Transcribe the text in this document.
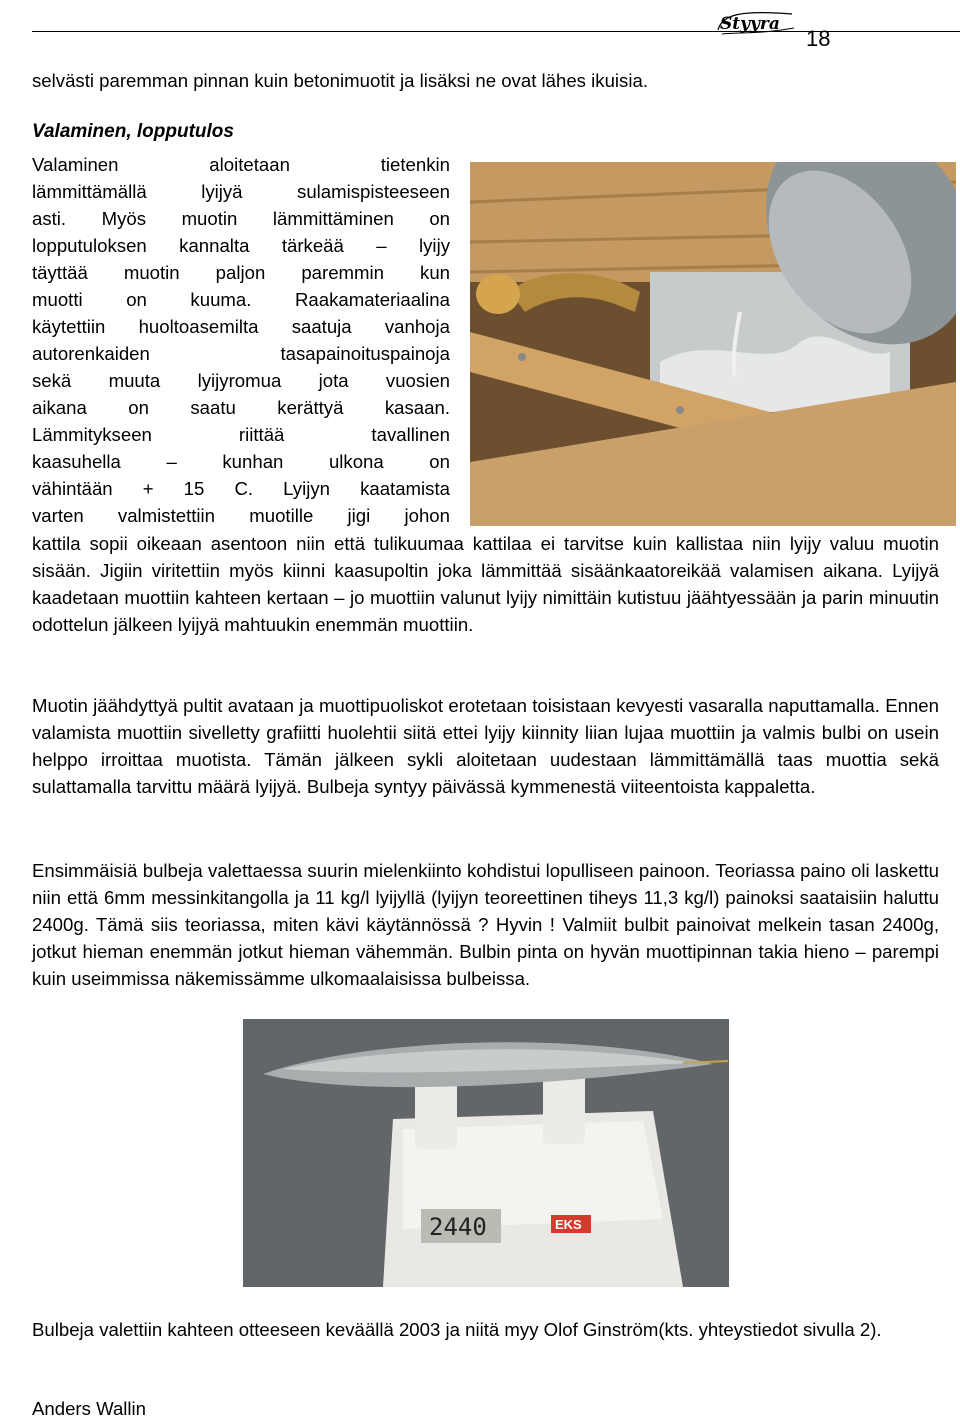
Styyra
18

selvästi paremman pinnan kuin betonimuotit ja lisäksi ne ovat lähes ikuisia.

Valaminen, lopputulos
Valaminen aloitetaan tietenkin
lämmittämällä lyijyä sulamispisteeseen
asti. Myös muotin lämmittäminen on
lopputuloksen kannalta tärkeää – lyijy
täyttää muotin paljon paremmin kun
muotti on kuuma. Raakamateriaalina
käytettiin huoltoasemilta saatuja vanhoja
autorenkaiden tasapainoituspainoja
sekä muuta lyijyromua jota vuosien
aikana on saatu kerättyä kasaan.
Lämmitykseen riittää tavallinen
kaasuhella – kunhan ulkona on
vähintään + 15 C. Lyijyn kaatamista
varten valmistettiin muotille jigi johon

kattila sopii oikeaan asentoon niin että tulikuumaa kattilaa ei tarvitse kuin kallistaa niin lyijy valuu muotin sisään. Jigiin viritettiin myös kiinni kaasupoltin joka lämmittää sisäänkaatoreikää valamisen aikana. Lyijyä kaadetaan muottiin kahteen kertaan – jo muottiin valunut lyijy nimittäin kutistuu jäähtyessään ja parin minuutin odottelun jälkeen lyijyä mahtuukin enemmän muottiin.

Muotin jäähdyttyä pultit avataan ja muottipuoliskot erotetaan toisistaan kevyesti vasaralla naputtamalla. Ennen valamista muottiin sivelletty grafiitti huolehtii siitä ettei lyijy kiinnity liian lujaa muottiin ja valmis bulbi on usein helppo irroittaa muotista. Tämän jälkeen sykli aloitetaan uudestaan lämmittämällä taas muottia sekä sulattamalla tarvittu määrä lyijyä. Bulbeja syntyy päivässä kymmenestä viiteentoista kappaletta.

Ensimmäisiä bulbeja valettaessa suurin mielenkiinto kohdistui lopulliseen painoon. Teoriassa paino oli laskettu niin että 6mm messinkitangolla ja 11 kg/l lyijyllä (lyijyn teoreettinen tiheys 11,3 kg/l) painoksi saataisiin haluttu 2400g. Tämä siis teoriassa, miten kävi käytännössä ? Hyvin ! Valmiit bulbit painoivat melkein tasan 2400g, jotkut hieman enemmän jotkut hieman vähemmän. Bulbin pinta on hyvän muottipinnan takia hieno – parempi kuin useimmissa näkemissämme ulkomaalaisissa bulbeissa.

2440	EKS

Bulbeja valettiin kahteen otteeseen keväällä 2003 ja niitä myy Olof Ginström(kts. yhteystiedot sivulla 2).

Anders Wallin
